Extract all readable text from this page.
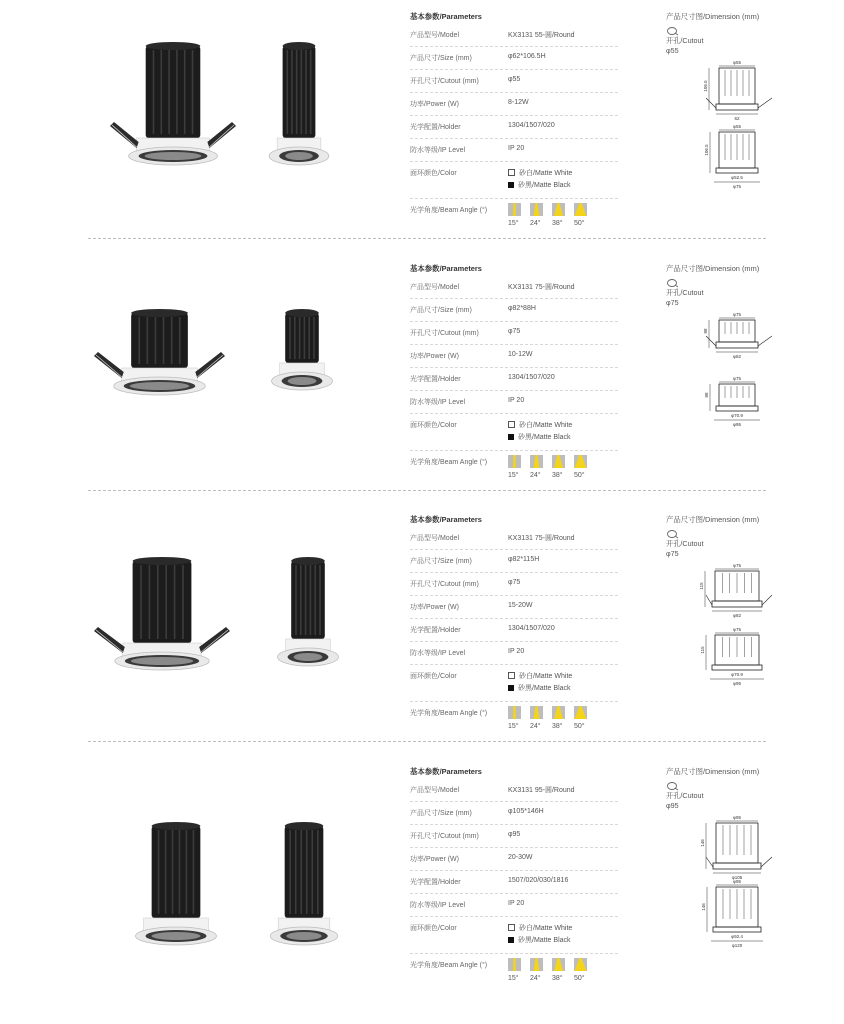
基本参数/Parameters
产品型号/Model	KX3131 55-圆/Round
产品尺寸/Size (mm)	φ62*106.5H
开孔尺寸/Cutout (mm)	φ55
功率/Power (W)	8-12W
光学配置/Holder	1304/1507/020
防水等级/IP Level	IP 20
面环颜色/Color	砂白/Matte White
砂黑/Matte Black
光学角度/Beam Angle (°)
15°	24°	38°	50°
产品尺寸图/Dimension (mm)
开孔/Cutout
φ55
φ55
106.5
62
φ55
106.5
φ52.5
φ75
基本参数/Parameters
产品型号/Model	KX3131 75-圆/Round
产品尺寸/Size (mm)	φ82*88H
开孔尺寸/Cutout (mm)	φ75
功率/Power (W)	10-12W
光学配置/Holder	1304/1507/020
防水等级/IP Level	IP 20
面环颜色/Color	砂白/Matte White
砂黑/Matte Black
光学角度/Beam Angle (°)
15°	24°	38°	50°
产品尺寸图/Dimension (mm)
开孔/Cutout
φ75
φ75
88
φ82
φ75
88
φ70.9
φ95
基本参数/Parameters
产品型号/Model	KX3131 75-圆/Round
产品尺寸/Size (mm)	φ82*115H
开孔尺寸/Cutout (mm)	φ75
功率/Power (W)	15-20W
光学配置/Holder	1304/1507/020
防水等级/IP Level	IP 20
面环颜色/Color	砂白/Matte White
砂黑/Matte Black
光学角度/Beam Angle (°)
15°	24°	38°	50°
产品尺寸图/Dimension (mm)
开孔/Cutout
φ75
φ75
115
φ82
φ75
115
φ70.9
φ95
基本参数/Parameters
产品型号/Model	KX3131 95-圆/Round
产品尺寸/Size (mm)	φ105*146H
开孔尺寸/Cutout (mm)	φ95
功率/Power (W)	20-30W
光学配置/Holder	1507/020/030/1816
防水等级/IP Level	IP 20
面环颜色/Color	砂白/Matte White
砂黑/Matte Black
光学角度/Beam Angle (°)
15°	24°	38°	50°
产品尺寸图/Dimension (mm)
开孔/Cutout
φ95
φ95
146
φ105
φ95
146
φ92.4
φ120
